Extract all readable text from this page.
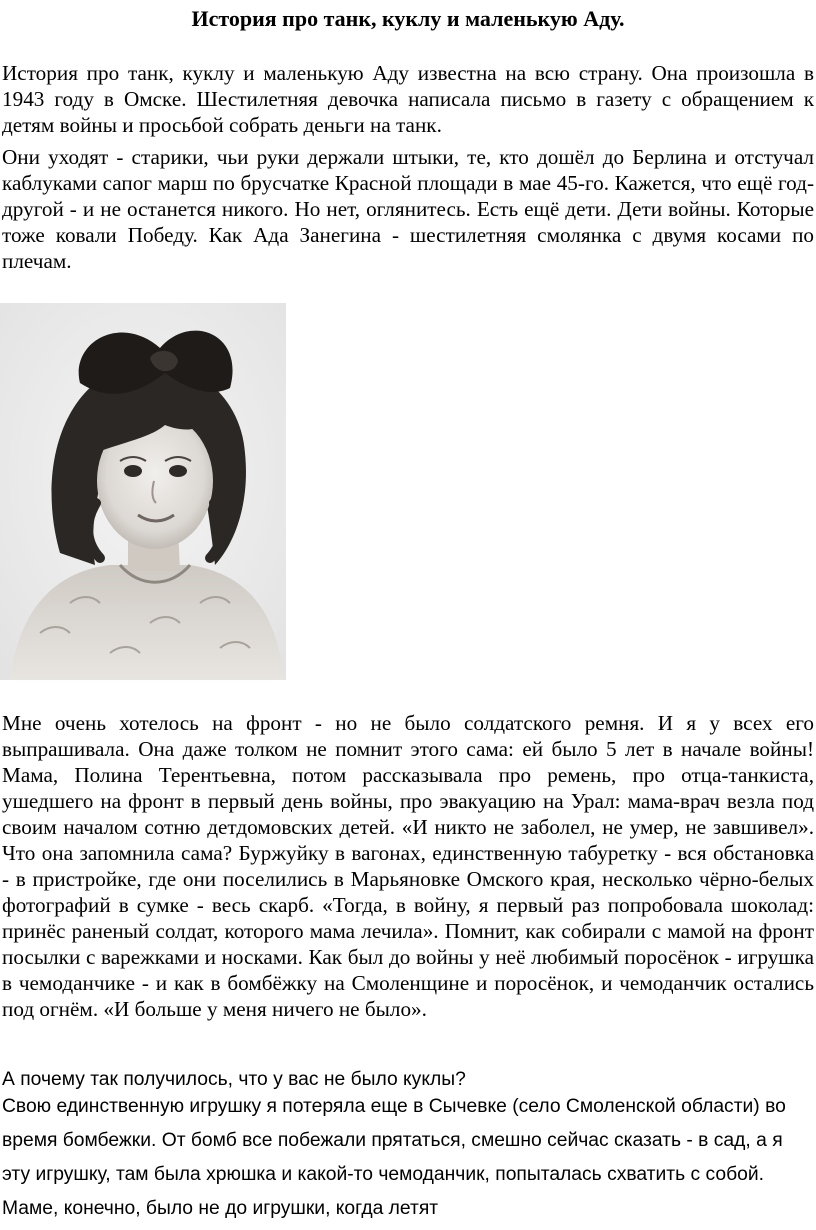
История про танк, куклу и маленькую Аду.

История про танк, куклу и маленькую Аду известна на всю страну. Она произошла в 1943 году в Омске. Шестилетняя девочка написала письмо в газету с обращением к детям войны и просьбой собрать деньги на танк.

Они уходят - старики, чьи руки держали штыки, те, кто дошёл до Берлина и отстучал каблуками сапог марш по брусчатке Красной площади в мае 45-го. Кажется, что ещё год-другой - и не останется никого. Но нет, оглянитесь. Есть ещё дети. Дети войны. Которые тоже ковали Победу. Как Ада Занегина - шестилетняя смолянка с двумя косами по плечам.

Мне очень хотелось на фронт - но не было солдатского ремня. И я у всех его выпрашивала. Она даже толком не помнит этого сама: ей было 5 лет в начале войны! Мама, Полина Терентьевна, потом рассказывала про ремень, про отца-танкиста, ушедшего на фронт в первый день войны, про эвакуацию на Урал: мама-врач везла под своим началом сотню детдомовских детей. «И никто не заболел, не умер, не завшивел». Что она запомнила сама? Буржуйку в вагонах, единственную табуретку - вся обстановка - в пристройке, где они поселились в Марьяновке Омского края, несколько чёрно-белых фотографий в сумке - весь скарб. «Тогда, в войну, я первый раз попробовала шоколад: принёс раненый солдат, которого мама лечила». Помнит, как собирали с мамой на фронт посылки с варежками и носками. Как был до войны у неё любимый поросёнок - игрушка в чемоданчике - и как в бомбёжку на Смоленщине и поросёнок, и чемоданчик остались под огнём. «И больше у меня ничего не было».

А почему так получилось, что у вас не было куклы?

Свою единственную игрушку я потеряла еще в Сычевке (село Смоленской области) во время бомбежки. От бомб все побежали прятаться, смешно сейчас сказать - в сад, а я эту игрушку, там была хрюшка и какой-то чемоданчик, попыталась схватить с собой. Маме, конечно, было не до игрушки, когда летят
